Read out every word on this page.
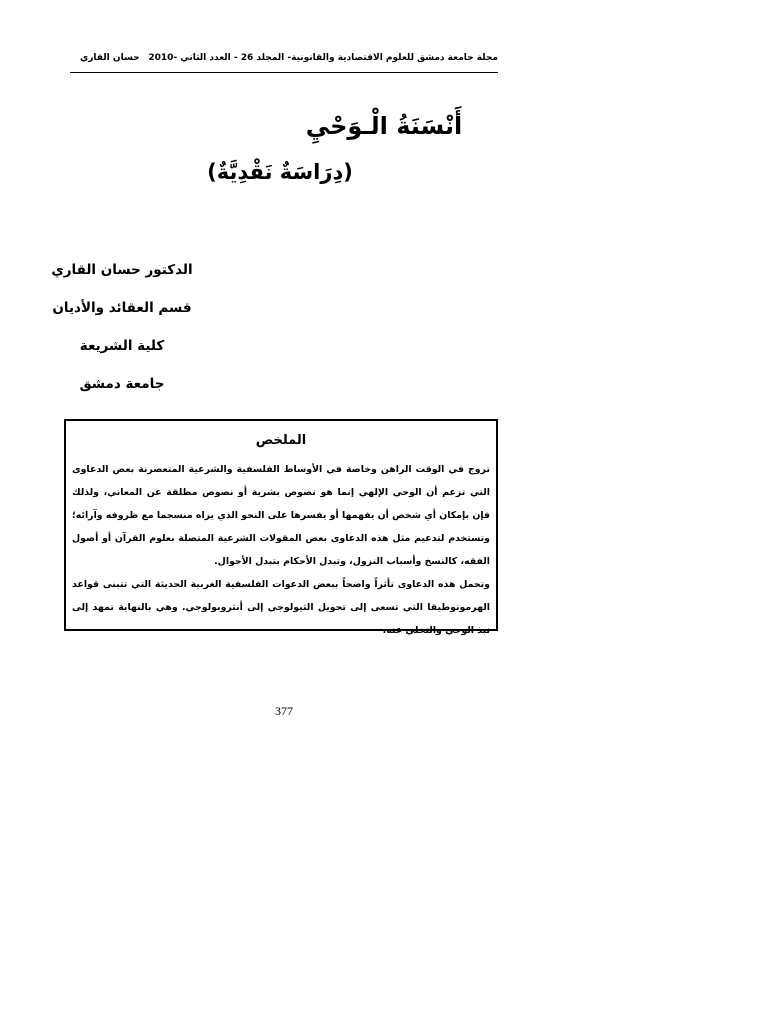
مجلة جامعة دمشق للعلوم الاقتصادية والقانونية- المجلد 26 - العدد الثاني -2010
حسان القاري
أَنْسَنَةُ الْـوَحْيِ
(دِرَاسَةٌ نَقْدِيَّةٌ)
الدكتور حسان القاري
قسم العقائد والأديان
كلية الشريعة
جامعة دمشق
الملخص

تروج في الوقت الراهن وخاصة في الأوساط الفلسفية والشرعية المتعصرنة بعض الدعاوى التي تزعم أن الوحي الإلهي إنما هو نصوص بشرية أو نصوص مطلقة عن المعاني، ولذلك فإن بإمكان أي شخص أن يفهمها أو يفسرها على النحو الذي يراه منسجما مع ظروفه وآرائه؛ وتستخدم لتدعيم مثل هذه الدعاوى بعض المقولات الشرعية المتصلة بعلوم القرآن أو أصول الفقه، كالنسخ وأسباب النزول، وتبدل الأحكام بتبدل الأحوال.

وتحمل هذه الدعاوى تأثراً واضحاً ببعض الدعوات الفلسفية الغربية الحديثة التي تتبنى قواعد الهرمونوطيقا التي تسعى إلى تحويل الثيولوجي إلى أنثروبولوجي. وهي بالنهاية تمهد إلى نبذ الوحي والتخلي عنه.

377
